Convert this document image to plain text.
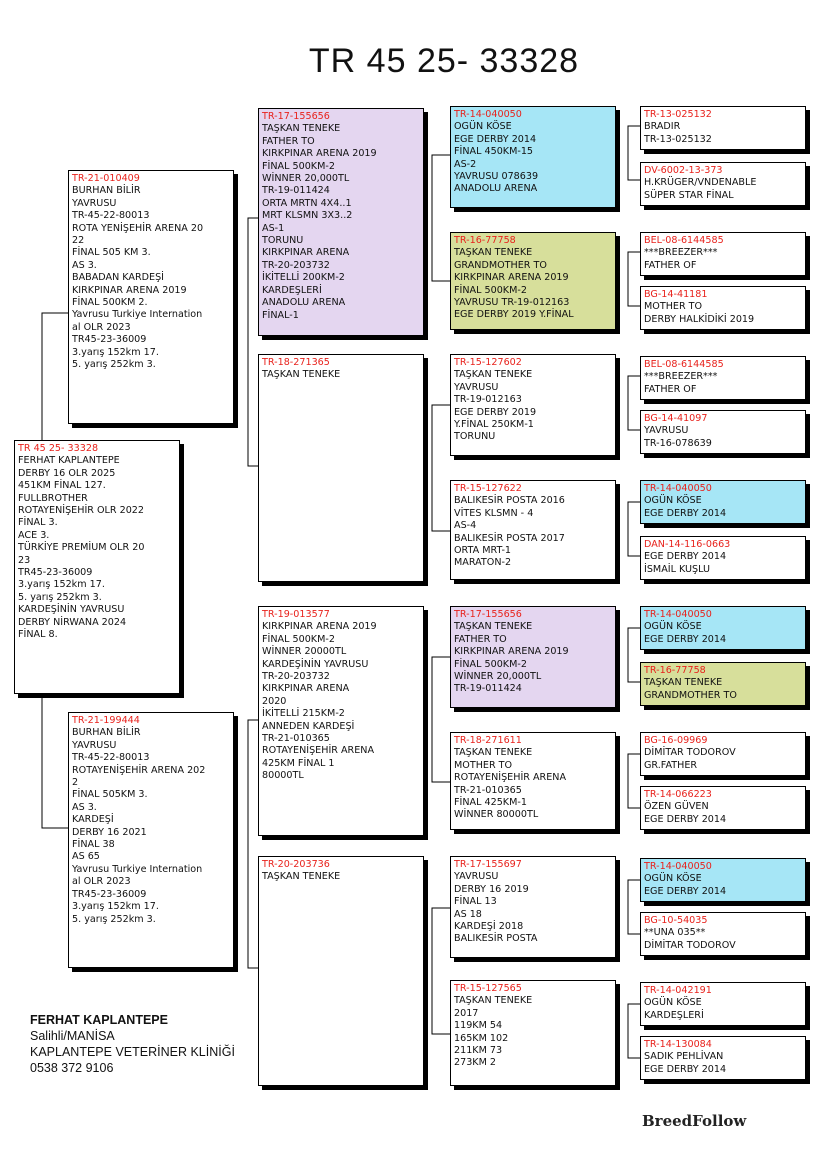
TR 45 25- 33328
TR 45 25- 33328
FERHAT KAPLANTEPE
DERBY 16 OLR 2025
451KM FİNAL 127.
FULLBROTHER
ROTAYENİŞEHİR OLR 2022
FİNAL 3.
ACE 3.
TÜRKİYE PREMİUM OLR 20
23
TR45-23-36009
3.yarış 152km 17.
5. yarış 252km 3.
KARDEŞİNİN YAVRUSU
DERBY NİRWANA 2024
FİNAL 8.
TR-21-010409
BURHAN BİLİR
YAVRUSU
TR-45-22-80013
ROTA YENİŞEHİR ARENA 20
22
FİNAL 505 KM 3.
AS 3.
BABADAN KARDEŞİ
KIRKPINAR ARENA 2019
FİNAL 500KM 2.
Yavrusu Turkiye Internation
al OLR 2023
TR45-23-36009
3.yarış 152km 17.
5. yarış 252km 3.
TR-21-199444
BURHAN BİLİR
YAVRUSU
TR-45-22-80013
ROTAYENİŞEHİR ARENA 202
2
FİNAL 505KM 3.
AS 3.
KARDEŞİ
DERBY 16 2021
FİNAL 38
AS 65
Yavrusu Turkiye Internation
al OLR 2023
TR45-23-36009
3.yarış 152km 17.
5. yarış 252km 3.
TR-17-155656
TAŞKAN TENEKE
FATHER TO
KIRKPINAR ARENA 2019
FİNAL 500KM-2
WİNNER 20,000TL
TR-19-011424
ORTA MRTN 4X4..1
MRT KLSMN 3X3..2
AS-1
TORUNU
KIRKPINAR ARENA
TR-20-203732
İKİTELLİ 200KM-2
KARDEŞLERİ
ANADOLU ARENA
FİNAL-1
TR-18-271365
TAŞKAN TENEKE
TR-19-013577
KIRKPINAR ARENA 2019
FİNAL 500KM-2
WİNNER 20000TL
KARDEŞİNİN YAVRUSU
TR-20-203732
KIRKPINAR ARENA
2020
İKİTELLİ 215KM-2
ANNEDEN KARDEŞİ
TR-21-010365
ROTAYENİŞEHİR ARENA
425KM FİNAL 1
80000TL
TR-20-203736
TAŞKAN TENEKE
TR-14-040050
OGÜN KÖSE
EGE DERBY 2014
FİNAL 450KM-15
AS-2
YAVRUSU 078639
ANADOLU ARENA
TR-16-77758
TAŞKAN TENEKE
GRANDMOTHER TO
KIRKPINAR ARENA 2019
FİNAL 500KM-2
YAVRUSU TR-19-012163
EGE DERBY 2019 Y.FİNAL
TR-15-127602
TAŞKAN TENEKE
YAVRUSU
TR-19-012163
EGE DERBY 2019
Y.FİNAL 250KM-1
TORUNU
TR-15-127622
BALIKESİR POSTA 2016
VİTES KLSMN - 4
AS-4
BALIKESİR POSTA 2017
ORTA MRT-1
MARATON-2
TR-17-155656
TAŞKAN TENEKE
FATHER TO
KIRKPINAR ARENA 2019
FİNAL 500KM-2
WİNNER 20,000TL
TR-19-011424
TR-18-271611
TAŞKAN TENEKE
MOTHER TO
ROTAYENİŞEHİR ARENA
TR-21-010365
FİNAL 425KM-1
WİNNER 80000TL
TR-17-155697
YAVRUSU
DERBY 16 2019
FİNAL 13
AS 18
KARDEŞİ 2018
BALIKESİR POSTA
TR-15-127565
TAŞKAN TENEKE
2017
119KM 54
165KM 102
211KM 73
273KM 2
TR-13-025132
BRADIR
TR-13-025132
DV-6002-13-373
H.KRÜGER/VNDENABLE
SÜPER STAR FİNAL
BEL-08-6144585
***BREEZER***
FATHER OF
BG-14-41181
MOTHER TO
DERBY HALKİDİKİ 2019
BEL-08-6144585
***BREEZER***
FATHER OF
BG-14-41097
YAVRUSU
TR-16-078639
TR-14-040050
OGÜN KÖSE
EGE DERBY 2014
DAN-14-116-0663
EGE DERBY 2014
İSMAİL KUŞLU
TR-14-040050
OGÜN KÖSE
EGE DERBY 2014
TR-16-77758
TAŞKAN TENEKE
GRANDMOTHER TO
BG-16-09969
DİMİTAR TODOROV
GR.FATHER
TR-14-066223
ÖZEN GÜVEN
EGE DERBY 2014
TR-14-040050
OGÜN KÖSE
EGE DERBY 2014
BG-10-54035
**UNA 035**
DİMİTAR TODOROV
TR-14-042191
OGÜN KÖSE
KARDEŞLERİ
TR-14-130084
SADIK PEHLİVAN
EGE DERBY 2014
FERHAT KAPLANTEPE
Salihli/MANİSA
KAPLANTEPE VETERİNER KLİNİĞİ
0538 372 9106
BreedFollow
